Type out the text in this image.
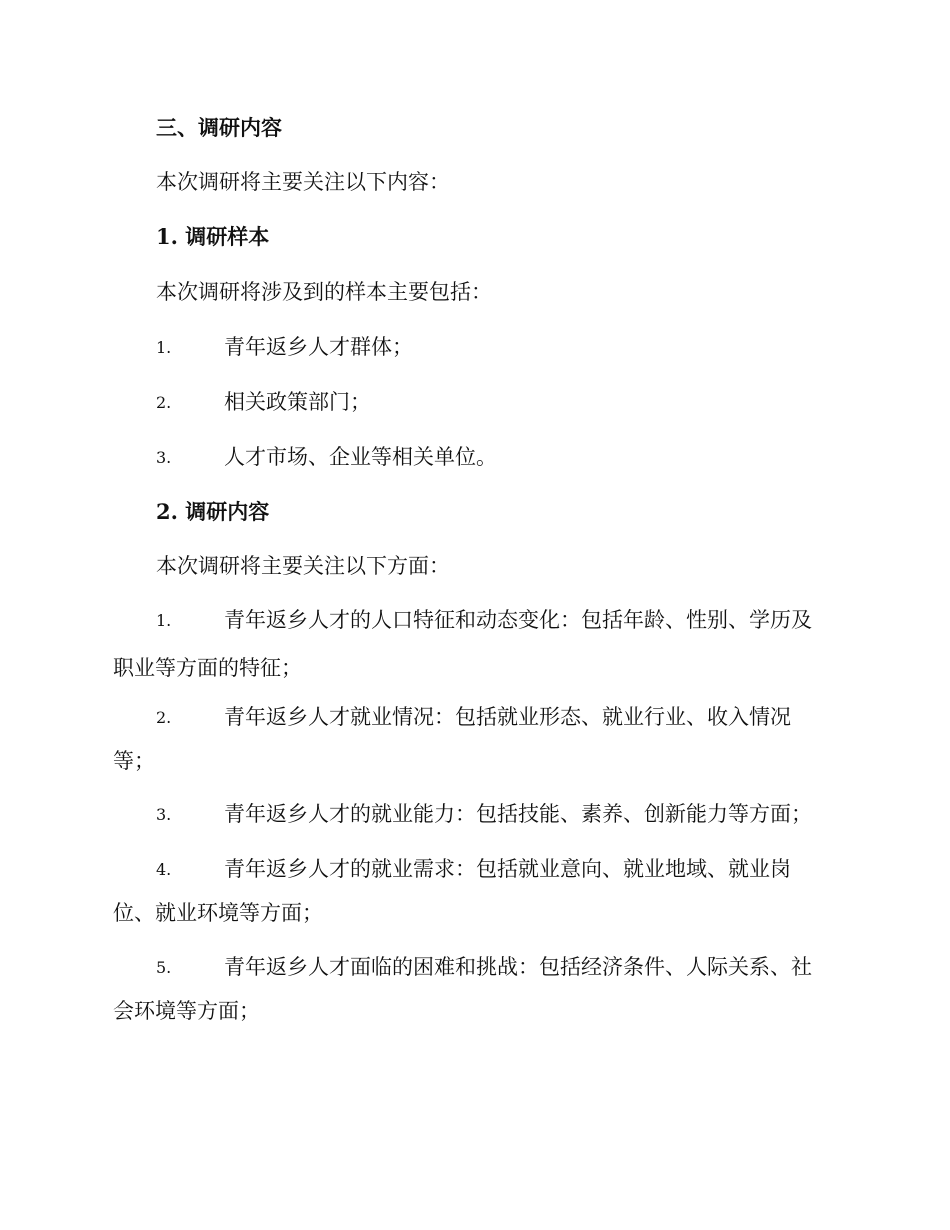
三、调研内容
本次调研将主要关注以下内容：
1. 调研样本
本次调研将涉及到的样本主要包括：
1.	青年返乡人才群体；
2.	相关政策部门；
3.	人才市场、企业等相关单位。
2. 调研内容
本次调研将主要关注以下方面：
1.	青年返乡人才的人口特征和动态变化：包括年龄、性别、学历及
职业等方面的特征；
2.	青年返乡人才就业情况：包括就业形态、就业行业、收入情况
等；
3.	青年返乡人才的就业能力：包括技能、素养、创新能力等方面；
4.	青年返乡人才的就业需求：包括就业意向、就业地域、就业岗
位、就业环境等方面；
5.	青年返乡人才面临的困难和挑战：包括经济条件、人际关系、社
会环境等方面；
